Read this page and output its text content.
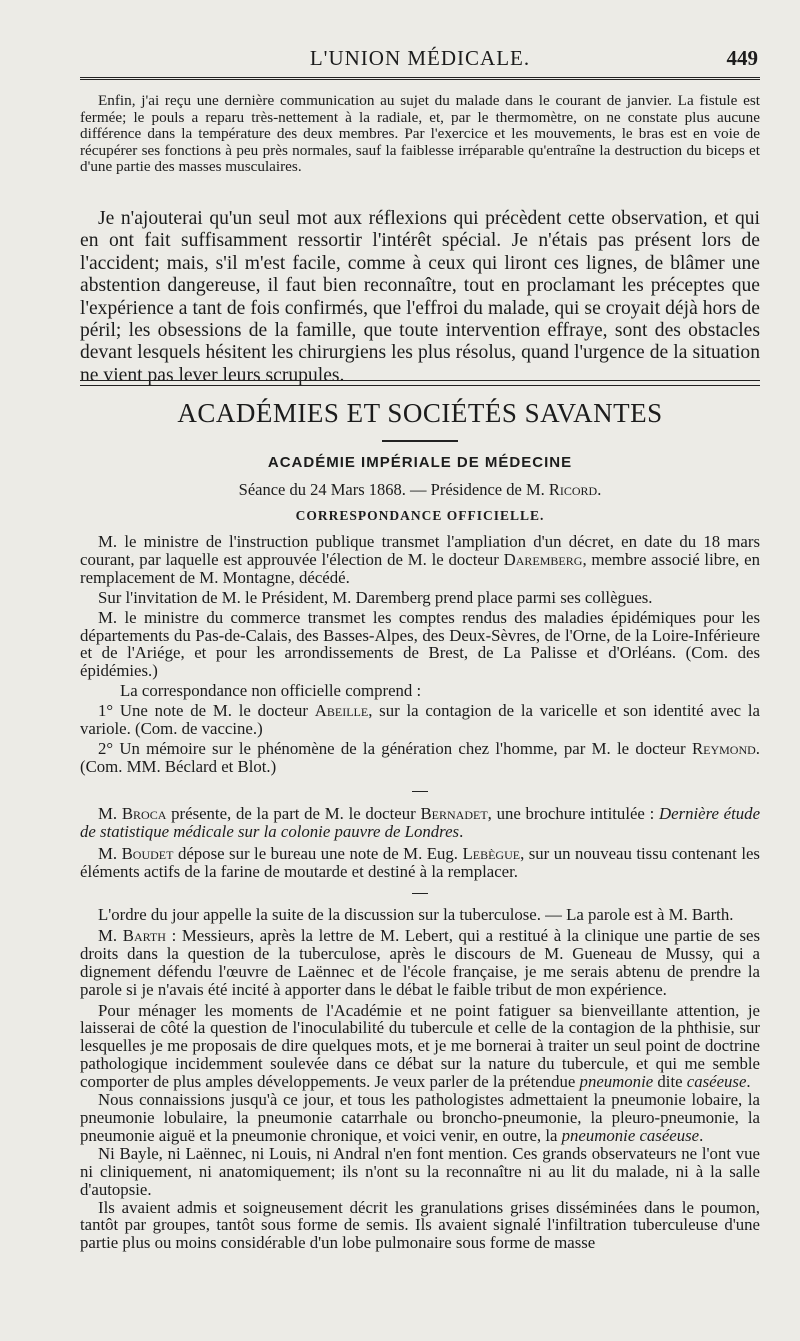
L'UNION MÉDICALE.	449

Enfin, j'ai reçu une dernière communication au sujet du malade dans le courant de janvier. La fistule est fermée; le pouls a reparu très-nettement à la radiale, et, par le thermomètre, on ne constate plus aucune différence dans la température des deux membres. Par l'exercice et les mouvements, le bras est en voie de récupérer ses fonctions à peu près normales, sauf la faiblesse irréparable qu'entraîne la destruction du biceps et d'une partie des masses musculaires.

Je n'ajouterai qu'un seul mot aux réflexions qui précèdent cette observation, et qui en ont fait suffisamment ressortir l'intérêt spécial. Je n'étais pas présent lors de l'accident; mais, s'il m'est facile, comme à ceux qui liront ces lignes, de blâmer une abstention dangereuse, il faut bien reconnaître, tout en proclamant les préceptes que l'expérience a tant de fois confirmés, que l'effroi du malade, qui se croyait déjà hors de péril; les obsessions de la famille, que toute intervention effraye, sont des obstacles devant lesquels hésitent les chirurgiens les plus résolus, quand l'urgence de la situation ne vient pas lever leurs scrupules.

ACADÉMIES ET SOCIÉTÉS SAVANTES
ACADÉMIE IMPÉRIALE DE MÉDECINE
Séance du 24 Mars 1868. — Présidence de M. Ricord.
CORRESPONDANCE OFFICIELLE.

M. le ministre de l'instruction publique transmet l'ampliation d'un décret, en date du 18 mars courant, par laquelle est approuvée l'élection de M. le docteur Daremberg, membre associé libre, en remplacement de M. Montagne, décédé.

Sur l'invitation de M. le Président, M. Daremberg prend place parmi ses collègues.

M. le ministre du commerce transmet les comptes rendus des maladies épidémiques pour les départements du Pas-de-Calais, des Basses-Alpes, des Deux-Sèvres, de l'Orne, de la Loire-Inférieure et de l'Ariége, et pour les arrondissements de Brest, de La Palisse et d'Orléans. (Com. des épidémies.)

La correspondance non officielle comprend :

1° Une note de M. le docteur Abeille, sur la contagion de la varicelle et son identité avec la variole. (Com. de vaccine.)

2° Un mémoire sur le phénomène de la génération chez l'homme, par M. le docteur Reymond. (Com. MM. Béclard et Blot.)

M. Broca présente, de la part de M. le docteur Bernadet, une brochure intitulée : Dernière étude de statistique médicale sur la colonie pauvre de Londres.

M. Boudet dépose sur le bureau une note de M. Eug. Lebègue, sur un nouveau tissu contenant les éléments actifs de la farine de moutarde et destiné à la remplacer.

L'ordre du jour appelle la suite de la discussion sur la tuberculose. — La parole est à M. Barth.

M. Barth : Messieurs, après la lettre de M. Lebert, qui a restitué à la clinique une partie de ses droits dans la question de la tuberculose, après le discours de M. Gueneau de Mussy, qui a dignement défendu l'œuvre de Laënnec et de l'école française, je me serais abtenu de prendre la parole si je n'avais été incité à apporter dans le débat le faible tribut de mon expérience.

Pour ménager les moments de l'Académie et ne point fatiguer sa bienveillante attention, je laisserai de côté la question de l'inoculabilité du tubercule et celle de la contagion de la phthisie, sur lesquelles je me proposais de dire quelques mots, et je me bornerai à traiter un seul point de doctrine pathologique incidemment soulevée dans ce débat sur la nature du tubercule, et qui me semble comporter de plus amples développements. Je veux parler de la prétendue pneumonie dite caséeuse.

Nous connaissions jusqu'à ce jour, et tous les pathologistes admettaient la pneumonie lobaire, la pneumonie lobulaire, la pneumonie catarrhale ou broncho-pneumonie, la pleuro-pneumonie, la pneumonie aiguë et la pneumonie chronique, et voici venir, en outre, la pneumonie caséeuse.

Ni Bayle, ni Laënnec, ni Louis, ni Andral n'en font mention. Ces grands observateurs ne l'ont vue ni cliniquement, ni anatomiquement; ils n'ont su la reconnaître ni au lit du malade, ni à la salle d'autopsie.

Ils avaient admis et soigneusement décrit les granulations grises disséminées dans le poumon, tantôt par groupes, tantôt sous forme de semis. Ils avaient signalé l'infiltration tuberculeuse d'une partie plus ou moins considérable d'un lobe pulmonaire sous forme de masse
